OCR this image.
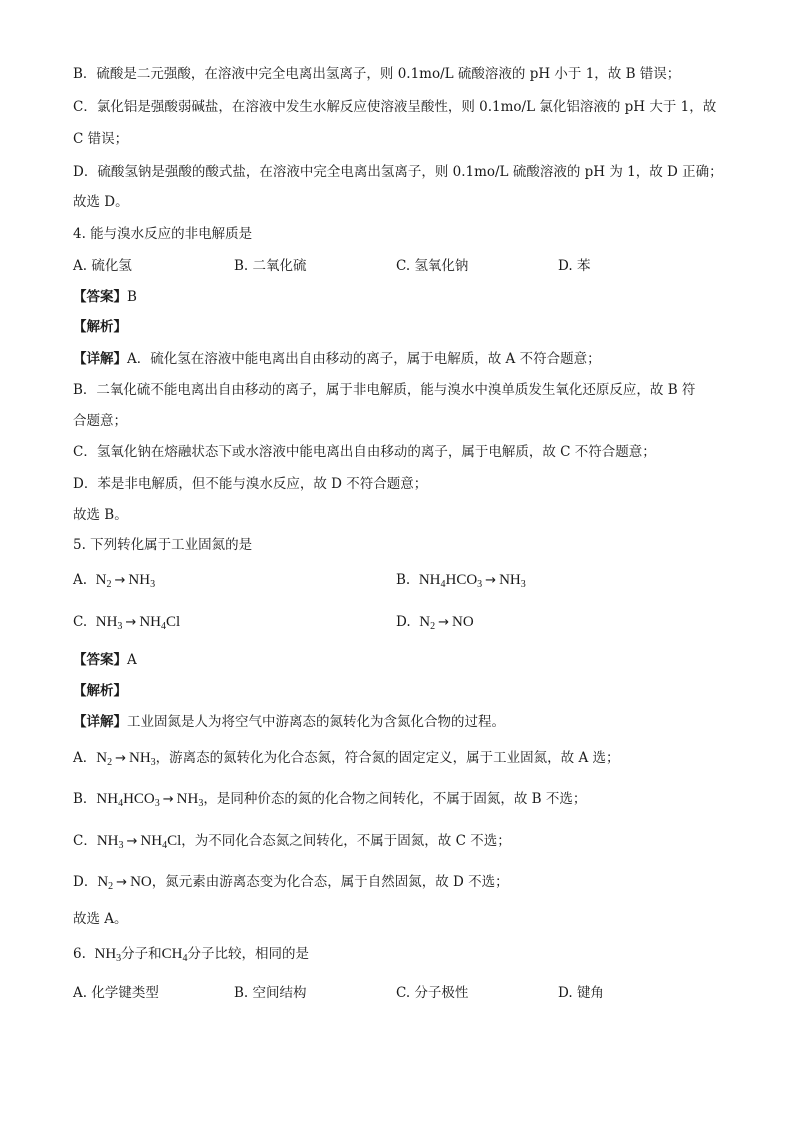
B．硫酸是二元强酸，在溶液中完全电离出氢离子，则 0.1mo/L 硫酸溶液的 pH 小于 1，故 B 错误；
C．氯化铝是强酸弱碱盐，在溶液中发生水解反应使溶液呈酸性，则 0.1mo/L 氯化铝溶液的 pH 大于 1，故
C 错误；
D．硫酸氢钠是强酸的酸式盐，在溶液中完全电离出氢离子，则 0.1mo/L 硫酸溶液的 pH 为 1，故 D 正确；
故选 D。
4. 能与溴水反应的非电解质是
A. 硫化氢	B. 二氧化硫	C. 氢氧化钠	D. 苯
【答案】B
【解析】
【详解】A．硫化氢在溶液中能电离出自由移动的离子，属于电解质，故 A 不符合题意；
B．二氧化硫不能电离出自由移动的离子，属于非电解质，能与溴水中溴单质发生氧化还原反应，故 B 符
合题意；
C．氢氧化钠在熔融状态下或水溶液中能电离出自由移动的离子，属于电解质，故 C 不符合题意；
D．苯是非电解质，但不能与溴水反应，故 D 不符合题意；
故选 B。
5. 下列转化属于工业固氮的是
A. $N_2 \to NH_3$	B. $NH_4HCO_3 \to NH_3$
C. $NH_3 \to NH_4Cl$	D. $N_2$ → NO
【答案】A
【解析】
【详解】工业固氮是人为将空气中游离态的氮转化为含氮化合物的过程。
A．$N_2 \to NH_3$，游离态的氮转化为化合态氮，符合氮的固定定义，属于工业固氮，故 A 选；
B．$NH_4HCO_3 \to NH_3$，是同种价态的氮的化合物之间转化，不属于固氮，故 B 不选；
C．$NH_3 \to NH_4Cl$，为不同化合态氮之间转化，不属于固氮，故 C 不选；
D．$N_2$ → NO，氮元素由游离态变为化合态，属于自然固氮，故 D 不选；
故选 A。
6. $NH_3$分子和$CH_4$分子比较，相同的是
A. 化学键类型	B. 空间结构	C. 分子极性	D. 键角
